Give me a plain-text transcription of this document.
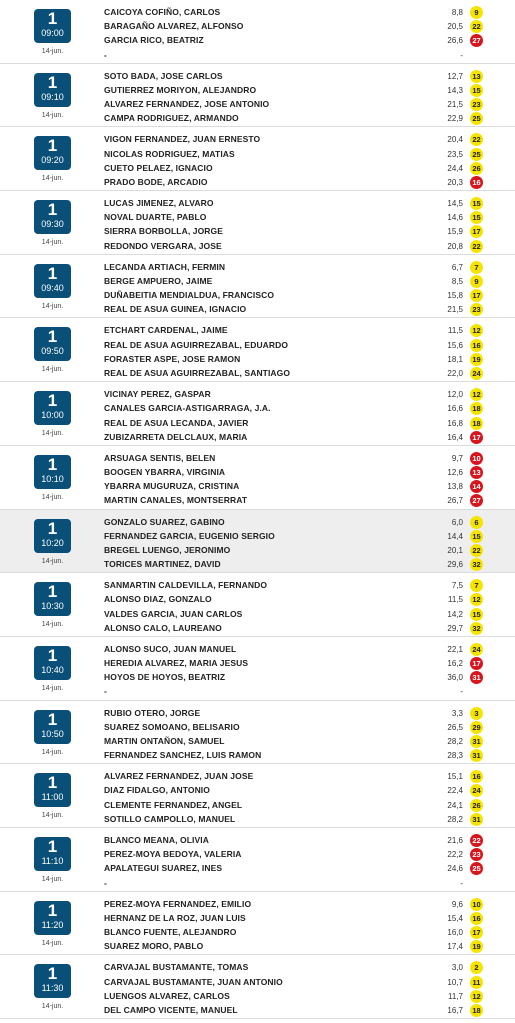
1
09:00
14-jun.
CAICOYA COFIÑO, CARLOS	8,8	9
BARAGAÑO ALVAREZ, ALFONSO	20,5	22
GARCIA RICO, BEATRIZ	26,6	27
-	-
1
09:10
14-jun.
SOTO BADA, JOSE CARLOS	12,7	13
GUTIERREZ MORIYON, ALEJANDRO	14,3	15
ALVAREZ FERNANDEZ, JOSE ANTONIO	21,5	23
CAMPA RODRIGUEZ, ARMANDO	22,9	25
1
09:20
14-jun.
VIGON FERNANDEZ, JUAN ERNESTO	20,4	22
NICOLAS RODRIGUEZ, MATIAS	23,5	25
CUETO PELAEZ, IGNACIO	24,4	26
PRADO BODE, ARCADIO	20,3	16
1
09:30
14-jun.
LUCAS JIMENEZ, ALVARO	14,5	15
NOVAL DUARTE, PABLO	14,6	15
SIERRA BORBOLLA, JORGE	15,9	17
REDONDO VERGARA, JOSE	20,8	22
1
09:40
14-jun.
LECANDA ARTIACH, FERMIN	6,7	7
BERGE AMPUERO, JAIME	8,5	9
DUÑABEITIA MENDIALDUA, FRANCISCO	15,8	17
REAL DE ASUA GUINEA, IGNACIO	21,5	23
1
09:50
14-jun.
ETCHART CARDENAL, JAIME	11,5	12
REAL DE ASUA AGUIRREZABAL, EDUARDO	15,6	16
FORASTER ASPE, JOSE RAMON	18,1	19
REAL DE ASUA AGUIRREZABAL, SANTIAGO	22,0	24
1
10:00
14-jun.
VICINAY PEREZ, GASPAR	12,0	12
CANALES GARCIA-ASTIGARRAGA, J.A.	16,6	18
REAL DE ASUA LECANDA, JAVIER	16,8	18
ZUBIZARRETA DELCLAUX, MARIA	16,4	17
1
10:10
14-jun.
ARSUAGA SENTIS, BELEN	9,7	10
BOOGEN YBARRA, VIRGINIA	12,6	13
YBARRA MUGURUZA, CRISTINA	13,8	14
MARTIN CANALES, MONTSERRAT	26,7	27
1
10:20
14-jun.
GONZALO SUAREZ, GABINO	6,0	6
FERNANDEZ GARCIA, EUGENIO SERGIO	14,4	15
BREGEL LUENGO, JERONIMO	20,1	22
TORICES MARTINEZ, DAVID	29,6	32
1
10:30
14-jun.
SANMARTIN CALDEVILLA, FERNANDO	7,5	7
ALONSO DIAZ, GONZALO	11,5	12
VALDES GARCIA, JUAN CARLOS	14,2	15
ALONSO CALO, LAUREANO	29,7	32
1
10:40
14-jun.
ALONSO SUCO, JUAN MANUEL	22,1	24
HEREDIA ALVAREZ, MARIA JESUS	16,2	17
HOYOS DE HOYOS, BEATRIZ	36,0	31
-	-
1
10:50
14-jun.
RUBIO OTERO, JORGE	3,3	3
SUAREZ SOMOANO, BELISARIO	26,5	29
MARTIN ONTAÑON, SAMUEL	28,2	31
FERNANDEZ SANCHEZ, LUIS RAMON	28,3	31
1
11:00
14-jun.
ALVAREZ FERNANDEZ, JUAN JOSE	15,1	16
DIAZ FIDALGO, ANTONIO	22,4	24
CLEMENTE FERNANDEZ, ANGEL	24,1	26
SOTILLO CAMPOLLO, MANUEL	28,2	31
1
11:10
14-jun.
BLANCO MEANA, OLIVIA	21,6	22
PEREZ-MOYA BEDOYA, VALERIA	22,2	23
APALATEGUI SUAREZ, INES	24,6	25
-	-
1
11:20
14-jun.
PEREZ-MOYA FERNANDEZ, EMILIO	9,6	10
HERNANZ DE LA ROZ, JUAN LUIS	15,4	16
BLANCO FUENTE, ALEJANDRO	16,0	17
SUAREZ MORO, PABLO	17,4	19
1
11:30
14-jun.
CARVAJAL BUSTAMANTE, TOMAS	3,0	2
CARVAJAL BUSTAMANTE, JUAN ANTONIO	10,7	11
LUENGOS ALVAREZ, CARLOS	11,7	12
DEL CAMPO VICENTE, MANUEL	16,7	18
